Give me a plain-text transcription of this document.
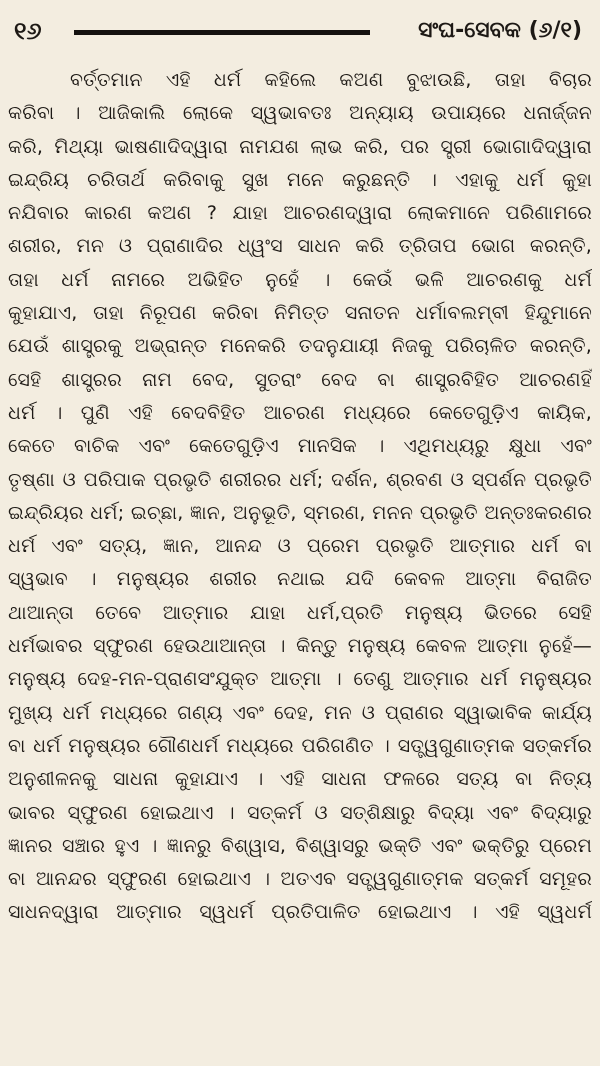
୧୬	ସଂଘ-ସେବକ (୬/୧)
ବର୍ତ୍ତମାନ ଏହି ଧର୍ମ କହିଲେ କଅଣ ବୁଝାଉଛି, ତାହା ବିଚାର
କରିବା । ଆଜିକାଲି ଲୋକେ ସ୍ୱଭାବତଃ ଅନ୍ୟାୟ ଉପାୟରେ ଧନାର୍ଜ୍ଜନ
କରି, ମିଥ୍ୟା ଭାଷଣାଦିଦ୍ୱାରା ନାମଯଶ ଲାଭ କରି, ପର ସ୍ତ୍ରୀ ଭୋଗାଦିଦ୍ୱାରା
ଇନ୍ଦ୍ରିୟ ଚରିତାର୍ଥ କରିବାକୁ ସୁଖ ମନେ କରୁଛନ୍ତି । ଏହାକୁ ଧର୍ମ କୁହା
ନଯିବାର କାରଣ କଅଣ ? ଯାହା ଆଚରଣଦ୍ୱାରା ଲୋକମାନେ ପରିଣାମରେ
ଶରୀର, ମନ ଓ ପ୍ରାଣାଦିର ଧ୍ୱଂସ ସାଧନ କରି ତ୍ରିତାପ ଭୋଗ କରନ୍ତି,
ତାହା ଧର୍ମ ନାମରେ ଅଭିହିତ ନୁହେଁ । କେଉଁ ଭଳି ଆଚରଣକୁ ଧର୍ମ
କୁହାଯାଏ, ତାହା ନିରୂପଣ କରିବା ନିମିତ୍ତ ସନାତନ ଧର୍ମାବଲମ୍ବୀ ହିନ୍ଦୁମାନେ
ଯେଉଁ ଶାସ୍ତ୍ରକୁ ଅଭ୍ରାନ୍ତ ମନେକରି ତଦନୁଯାୟୀ ନିଜକୁ ପରିଚାଳିତ କରନ୍ତି,
ସେହି ଶାସ୍ତ୍ରର ନାମ ବେଦ, ସୁତରାଂ ବେଦ ବା ଶାସ୍ତ୍ରବିହିତ ଆଚରଣହିଁ
ଧର୍ମ । ପୁଣି ଏହି ବେଦବିହିତ ଆଚରଣ ମଧ୍ୟରେ କେତେଗୁଡ଼ିଏ କାୟିକ,
କେତେ ବାଚିକ ଏବଂ କେତେଗୁଡ଼ିଏ ମାନସିକ । ଏଥିମଧ୍ୟରୁ କ୍ଷୁଧା ଏବଂ
ତୃଷ୍ଣା ଓ ପରିପାକ ପ୍ରଭୃତି ଶରୀରର ଧର୍ମ; ଦର୍ଶନ, ଶ୍ରବଣ ଓ ସ୍ପର୍ଶନ ପ୍ରଭୃତି
ଇନ୍ଦ୍ରିୟର ଧର୍ମ; ଇଚ୍ଛା, ଜ୍ଞାନ, ଅନୁଭୂତି, ସ୍ମରଣ, ମନନ ପ୍ରଭୃତି ଅନ୍ତଃକରଣର
ଧର୍ମ ଏବଂ ସତ୍ୟ, ଜ୍ଞାନ, ଆନନ୍ଦ ଓ ପ୍ରେମ ପ୍ରଭୃତି ଆତ୍ମାର ଧର୍ମ ବା
ସ୍ୱଭାବ । ମନୁଷ୍ୟର ଶରୀର ନଥାଇ ଯଦି କେବଳ ଆତ୍ମା ବିରାଜିତ
ଥାଆନ୍ତା ତେବେ ଆତ୍ମାର ଯାହା ଧର୍ମ,ପ୍ରତି ମନୁଷ୍ୟ ଭିତରେ ସେହି
ଧର୍ମଭାବର ସ୍ଫୁରଣ ହେଉଥାଆନ୍ତା । କିନ୍ତୁ ମନୁଷ୍ୟ କେବଳ ଆତ୍ମା ନୁହେଁ—
ମନୁଷ୍ୟ ଦେହ-ମନ-ପ୍ରାଣସଂଯୁକ୍ତ ଆତ୍ମା । ତେଣୁ ଆତ୍ମାର ଧର୍ମ ମନୁଷ୍ୟର
ମୁଖ୍ୟ ଧର୍ମ ମଧ୍ୟରେ ଗଣ୍ୟ ଏବଂ ଦେହ, ମନ ଓ ପ୍ରାଣର ସ୍ୱାଭାବିକ କାର୍ଯ୍ୟ
ବା ଧର୍ମ ମନୁଷ୍ୟର ଗୌଣଧର୍ମ ମଧ୍ୟରେ ପରିଗଣିତ । ସତ୍ତ୍ୱଗୁଣାତ୍ମକ ସତ୍‌କର୍ମର
ଅନୁଶୀଳନକୁ ସାଧନା କୁହାଯାଏ । ଏହି ସାଧନା ଫଳରେ ସତ୍ୟ ବା ନିତ୍ୟ
ଭାବର ସ୍ଫୁରଣ ହୋଇଥାଏ । ସତ୍‌କର୍ମ ଓ ସତ୍‌ଶିକ୍ଷାରୁ ବିଦ୍ୟା ଏବଂ ବିଦ୍ୟାରୁ
ଜ୍ଞାନର ସଞ୍ଚାର ହୁଏ । ଜ୍ଞାନରୁ ବିଶ୍ୱାସ, ବିଶ୍ୱାସରୁ ଭକ୍ତି ଏବଂ ଭକ୍ତିରୁ ପ୍ରେମ
ବା ଆନନ୍ଦର ସ୍ଫୁରଣ ହୋଇଥାଏ । ଅତଏବ ସତ୍ତ୍ୱଗୁଣାତ୍ମକ ସତ୍‌କର୍ମ ସମୂହର
ସାଧନଦ୍ୱାରା ଆତ୍ମାର ସ୍ୱଧର୍ମ ପ୍ରତିପାଳିତ ହୋଇଥାଏ । ଏହି ସ୍ୱଧର୍ମ
